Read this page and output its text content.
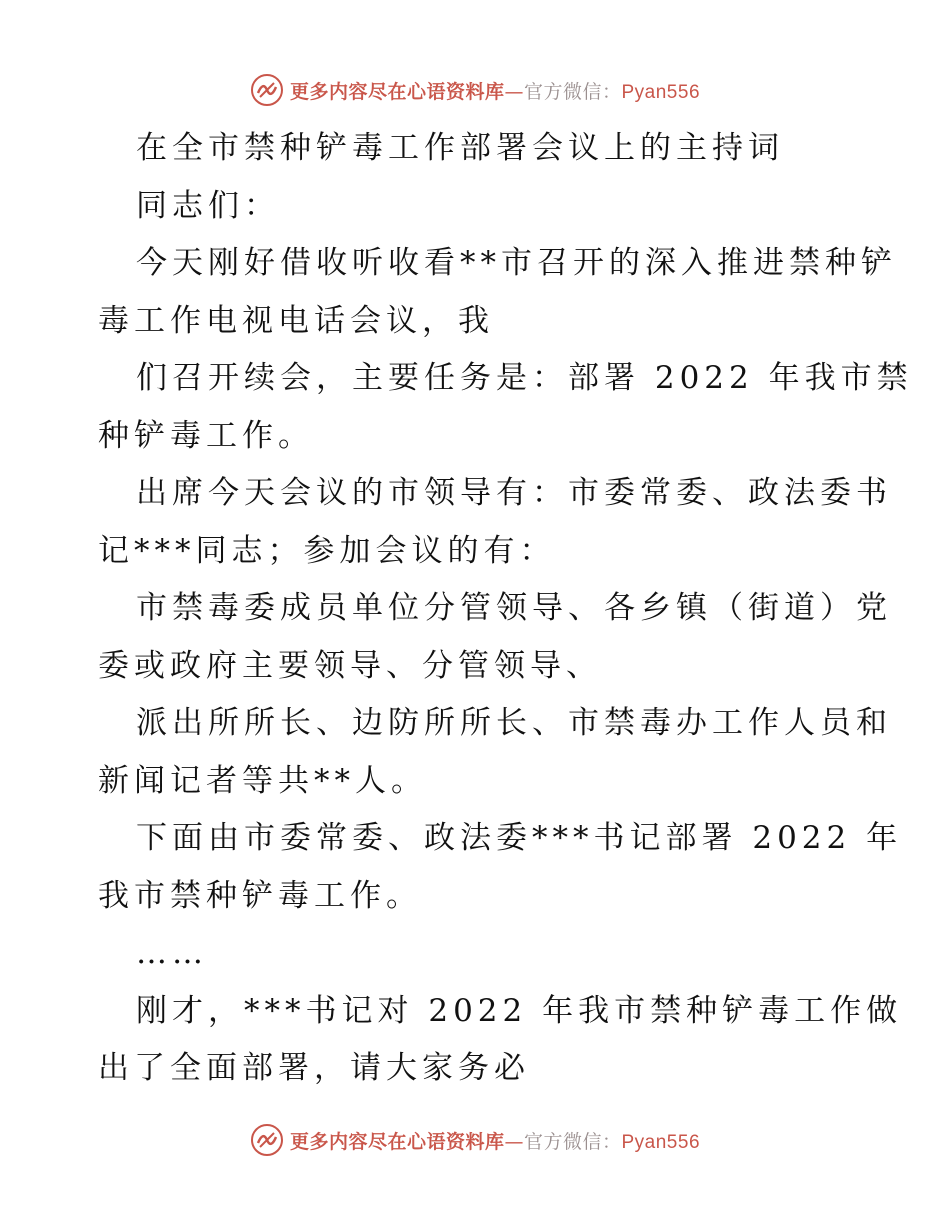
更多内容尽在心语资料库—官方微信：Pyan556

在全市禁种铲毒工作部署会议上的主持词

同志们：
今天刚好借收听收看**市召开的深入推进禁种铲
毒工作电视电话会议，我
们召开续会，主要任务是：部署 2022 年我市禁
种铲毒工作。
出席今天会议的市领导有：市委常委、政法委书
记***同志；参加会议的有：
市禁毒委成员单位分管领导、各乡镇（街道）党
委或政府主要领导、分管领导、
派出所所长、边防所所长、市禁毒办工作人员和
新闻记者等共**人。
下面由市委常委、政法委***书记部署 2022 年
我市禁种铲毒工作。
……
刚才，***书记对 2022 年我市禁种铲毒工作做
出了全面部署，请大家务必
更多内容尽在心语资料库—官方微信：Pyan556
